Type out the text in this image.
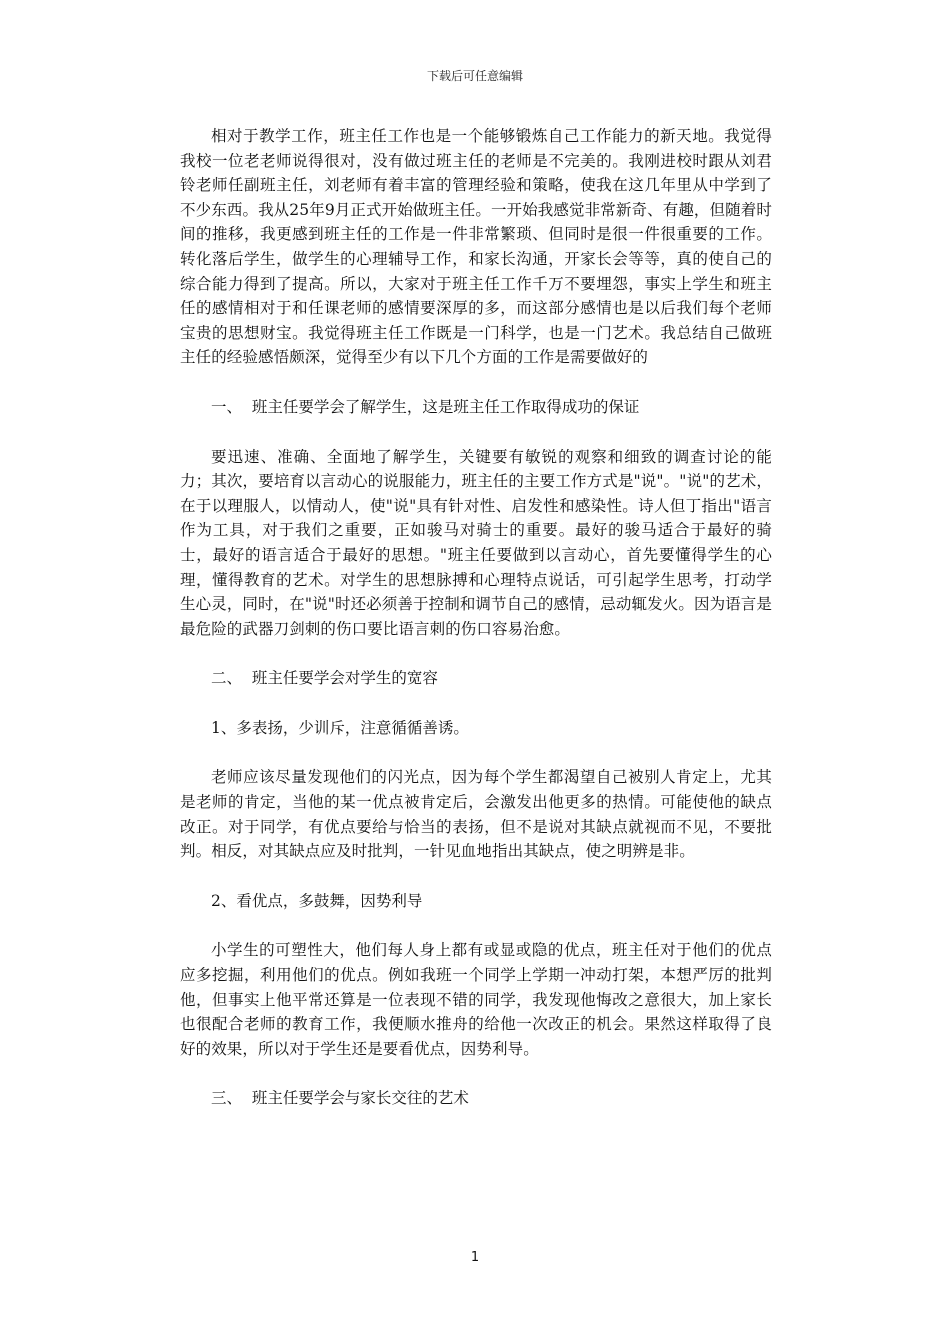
下载后可任意编辑

相对于教学工作，班主任工作也是一个能够锻炼自己工作能力的新天地。我觉得我校一位老老师说得很对，没有做过班主任的老师是不完美的。我刚进校时跟从刘君铃老师任副班主任，刘老师有着丰富的管理经验和策略，使我在这几年里从中学到了不少东西。我从25年9月正式开始做班主任。一开始我感觉非常新奇、有趣，但随着时间的推移，我更感到班主任的工作是一件非常繁琐、但同时是很一件很重要的工作。转化落后学生，做学生的心理辅导工作，和家长沟通，开家长会等等，真的使自己的综合能力得到了提高。所以，大家对于班主任工作千万不要埋怨，事实上学生和班主任的感情相对于和任课老师的感情要深厚的多，而这部分感情也是以后我们每个老师宝贵的思想财宝。我觉得班主任工作既是一门科学，也是一门艺术。我总结自己做班主任的经验感悟颇深，觉得至少有以下几个方面的工作是需要做好的

一、  班主任要学会了解学生，这是班主任工作取得成功的保证

要迅速、准确、全面地了解学生，关键要有敏锐的观察和细致的调查讨论的能力；其次，要培育以言动心的说服能力，班主任的主要工作方式是"说"。"说"的艺术，在于以理服人，以情动人，使"说"具有针对性、启发性和感染性。诗人但丁指出"语言作为工具，对于我们之重要，正如骏马对骑士的重要。最好的骏马适合于最好的骑士，最好的语言适合于最好的思想。"班主任要做到以言动心，首先要懂得学生的心理，懂得教育的艺术。对学生的思想脉搏和心理特点说话，可引起学生思考，打动学生心灵，同时，在"说"时还必须善于控制和调节自己的感情，忌动辄发火。因为语言是最危险的武器刀剑刺的伤口要比语言刺的伤口容易治愈。

二、  班主任要学会对学生的宽容

1、多表扬，少训斥，注意循循善诱。

老师应该尽量发现他们的闪光点，因为每个学生都渴望自己被别人肯定上，尤其是老师的肯定，当他的某一优点被肯定后，会激发出他更多的热情。可能使他的缺点改正。对于同学，有优点要给与恰当的表扬，但不是说对其缺点就视而不见，不要批判。相反，对其缺点应及时批判，一针见血地指出其缺点，使之明辨是非。

2、看优点，多鼓舞，因势利导

小学生的可塑性大，他们每人身上都有或显或隐的优点，班主任对于他们的优点应多挖掘，利用他们的优点。例如我班一个同学上学期一冲动打架，本想严厉的批判他，但事实上他平常还算是一位表现不错的同学，我发现他悔改之意很大，加上家长也很配合老师的教育工作，我便顺水推舟的给他一次改正的机会。果然这样取得了良好的效果，所以对于学生还是要看优点，因势利导。

三、  班主任要学会与家长交往的艺术

1
